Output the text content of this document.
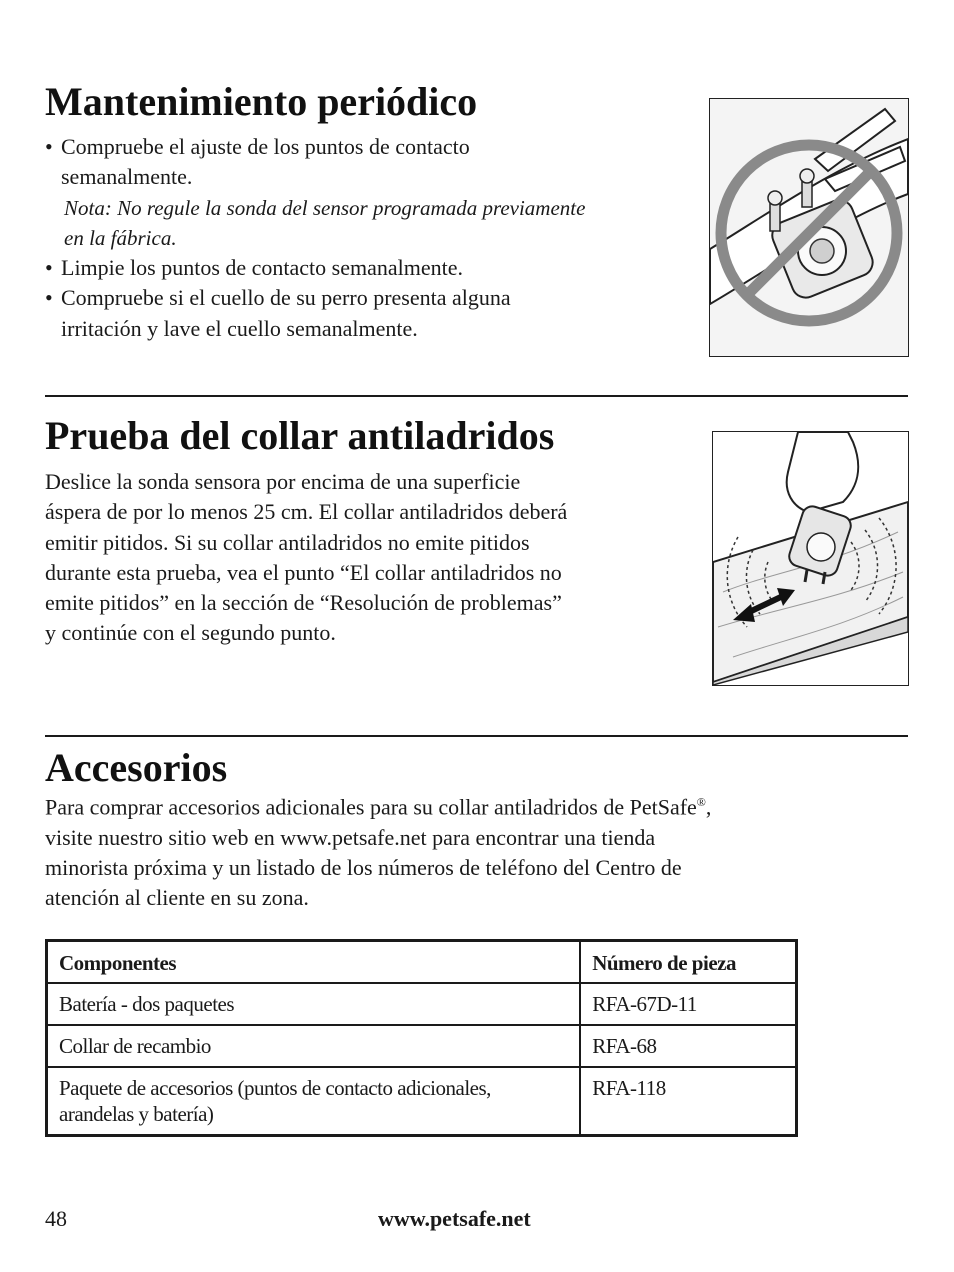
Mantenimiento periódico
• Compruebe el ajuste de los puntos de contacto
semanalmente.
Nota: No regule la sonda del sensor programada previamente
en la fábrica.
• Limpie los puntos de contacto semanalmente.
• Compruebe si el cuello de su perro presenta alguna
irritación y lave el cuello semanalmente.
Prueba del collar antiladridos
Deslice la sonda sensora por encima de una superficie
áspera de por lo menos 25 cm. El collar antiladridos deberá
emitir pitidos. Si su collar antiladridos no emite pitidos
durante esta prueba, vea el punto “El collar antiladridos no
emite pitidos” en la sección de “Resolución de problemas”
y continúe con el segundo punto.
Accesorios
Para comprar accesorios adicionales para su collar antiladridos de PetSafe®,
visite nuestro sitio web en www.petsafe.net para encontrar una tienda
minorista próxima y un listado de los números de teléfono del Centro de
atención al cliente en su zona.
Componentes	Número de pieza
Batería - dos paquetes	RFA-67D-11
Collar de recambio	RFA-68
Paquete de accesorios (puntos de contacto adicionales, arandelas y batería)	RFA-118
48	www.petsafe.net
